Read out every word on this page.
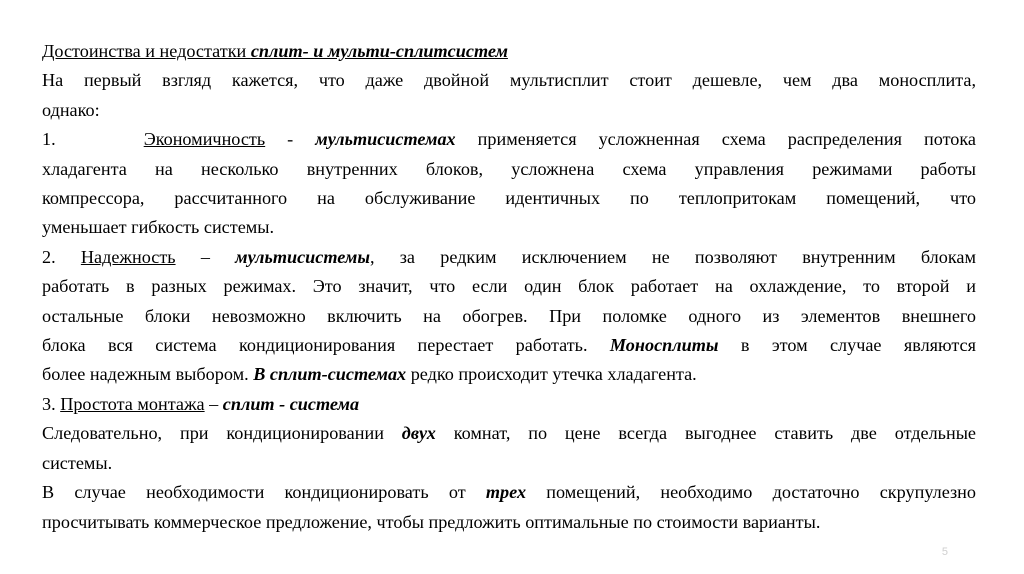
Достоинства и недостатки сплит- и мульти-сплитсистем

На первый взгляд кажется, что даже двойной мультисплит стоит дешевле, чем два моносплита,

однако:

1.	Экономичность - мультисистемах применяется усложненная схема распределения потока

хладагента на несколько внутренних блоков, усложнена схема управления режимами работы

компрессора, рассчитанного на обслуживание идентичных по теплопритокам помещений, что

уменьшает гибкость системы.

2. Надежность – мультисистемы, за редким исключением не позволяют внутренним блокам

работать в разных режимах. Это значит, что если один блок работает на охлаждение, то второй и

остальные блоки невозможно включить на обогрев. При поломке одного из элементов внешнего

блока вся система кондиционирования перестает работать. Моносплиты в этом случае являются

более надежным выбором. В сплит-системах редко происходит утечка хладагента.

3. Простота монтажа – сплит - система

Следовательно, при кондиционировании двух комнат, по цене всегда выгоднее ставить две отдельные

системы.

В случае необходимости кондиционировать от трех помещений, необходимо достаточно скрупулезно

просчитывать коммерческое предложение, чтобы предложить оптимальные по стоимости варианты.

5
